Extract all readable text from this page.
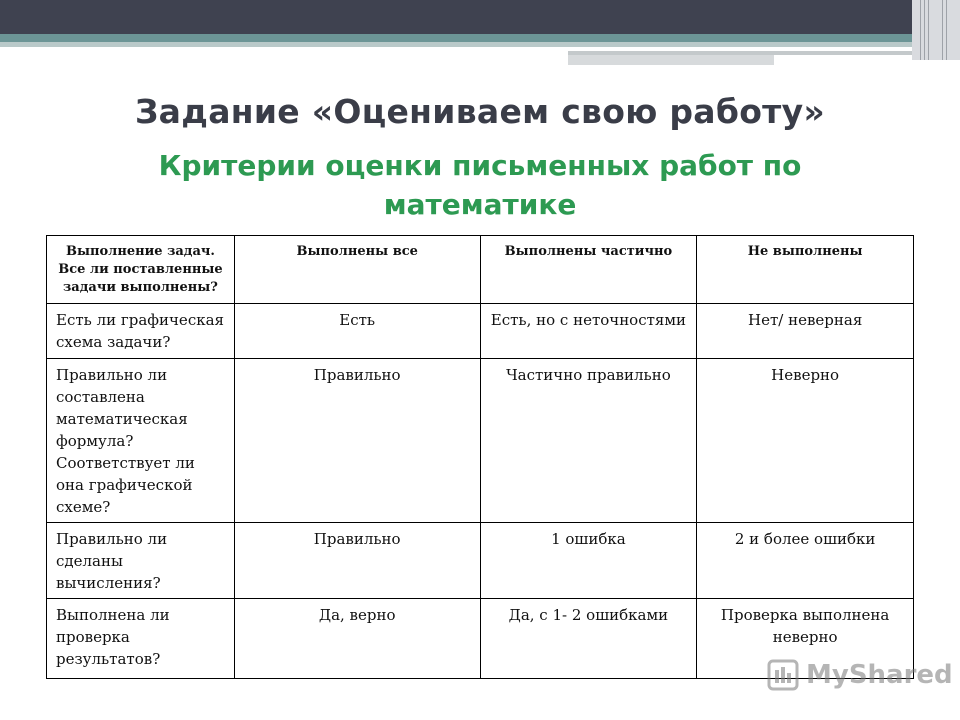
Задание «Оцениваем свою работу»
Критерии оценки письменных работ по математике
Выполнение задач. Все ли поставленные задачи выполнены?	Выполнены все	Выполнены частично	Не выполнены
Есть ли графическая схема задачи?	Есть	Есть, но с неточностями	Нет/ неверная
Правильно ли составлена математическая формула? Соответствует ли она графической схеме?	Правильно	Частично правильно	Неверно
Правильно ли сделаны вычисления?	Правильно	1 ошибка	2 и более ошибки
Выполнена ли проверка результатов?	Да, верно	Да, с 1- 2 ошибками	Проверка выполнена неверно
MyShared
